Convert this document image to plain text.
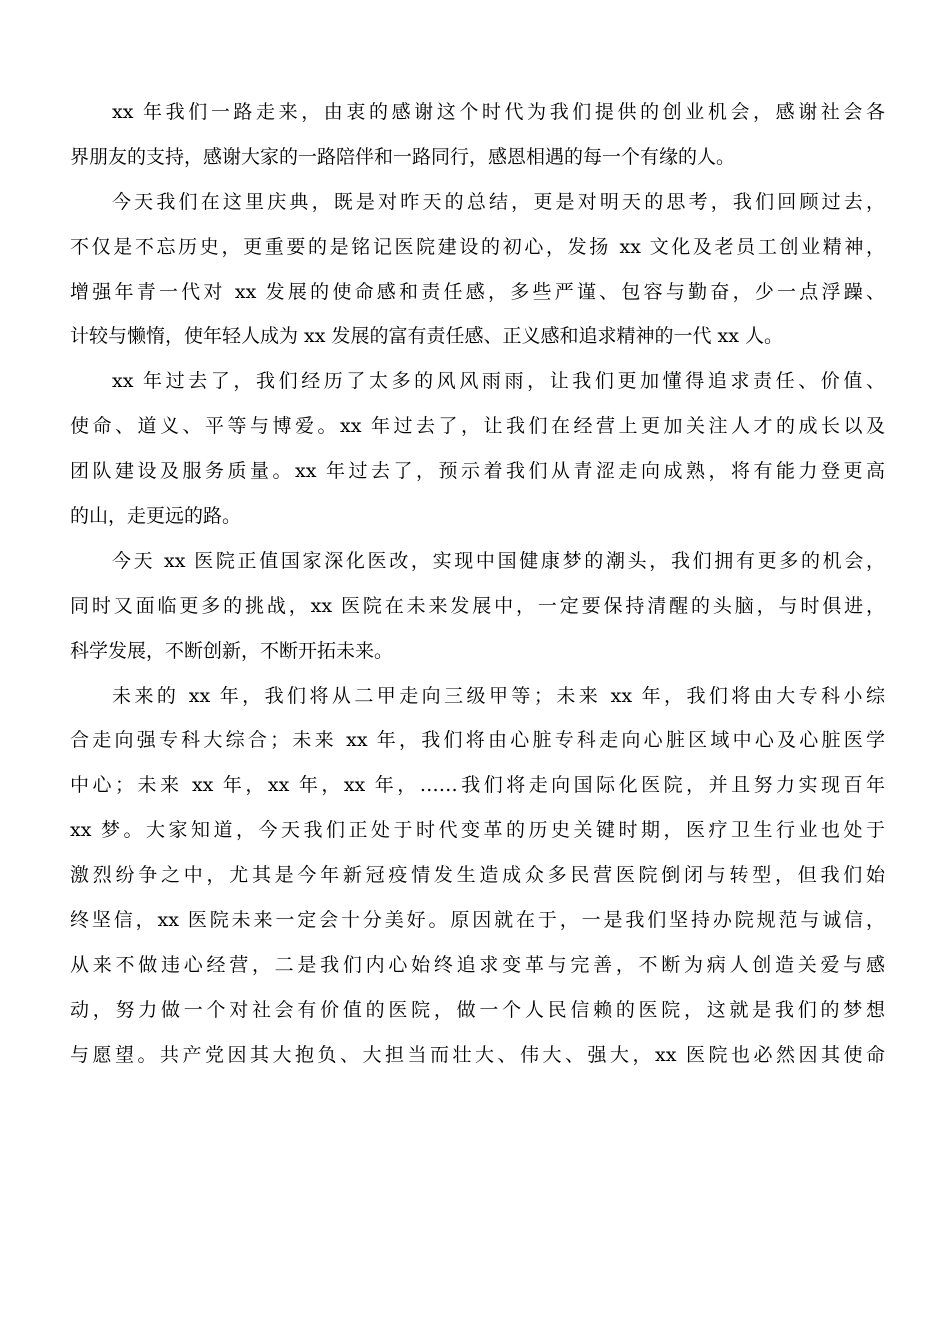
xx 年我们一路走来，由衷的感谢这个时代为我们提供的创业机会，感谢社会各
界朋友的支持，感谢大家的一路陪伴和一路同行，感恩相遇的每一个有缘的人。
今天我们在这里庆典，既是对昨天的总结，更是对明天的思考，我们回顾过去，
不仅是不忘历史，更重要的是铭记医院建设的初心，发扬 xx 文化及老员工创业精神，
增强年青一代对 xx 发展的使命感和责任感，多些严谨、包容与勤奋，少一点浮躁、
计较与懒惰，使年轻人成为 xx 发展的富有责任感、正义感和追求精神的一代 xx 人。
xx 年过去了，我们经历了太多的风风雨雨，让我们更加懂得追求责任、价值、
使命、道义、平等与博爱。xx 年过去了，让我们在经营上更加关注人才的成长以及
团队建设及服务质量。xx 年过去了，预示着我们从青涩走向成熟，将有能力登更高
的山，走更远的路。
今天 xx 医院正值国家深化医改，实现中国健康梦的潮头，我们拥有更多的机会，
同时又面临更多的挑战，xx 医院在未来发展中，一定要保持清醒的头脑，与时俱进，
科学发展，不断创新，不断开拓未来。
未来的 xx 年，我们将从二甲走向三级甲等；未来 xx 年，我们将由大专科小综
合走向强专科大综合；未来 xx 年，我们将由心脏专科走向心脏区域中心及心脏医学
中心；未来 xx 年，xx 年，xx 年，……我们将走向国际化医院，并且努力实现百年
xx 梦。大家知道，今天我们正处于时代变革的历史关键时期，医疗卫生行业也处于
激烈纷争之中，尤其是今年新冠疫情发生造成众多民营医院倒闭与转型，但我们始
终坚信，xx 医院未来一定会十分美好。原因就在于，一是我们坚持办院规范与诚信，
从来不做违心经营，二是我们内心始终追求变革与完善，不断为病人创造关爱与感
动，努力做一个对社会有价值的医院，做一个人民信赖的医院，这就是我们的梦想
与愿望。共产党因其大抱负、大担当而壮大、伟大、强大，xx 医院也必然因其使命
